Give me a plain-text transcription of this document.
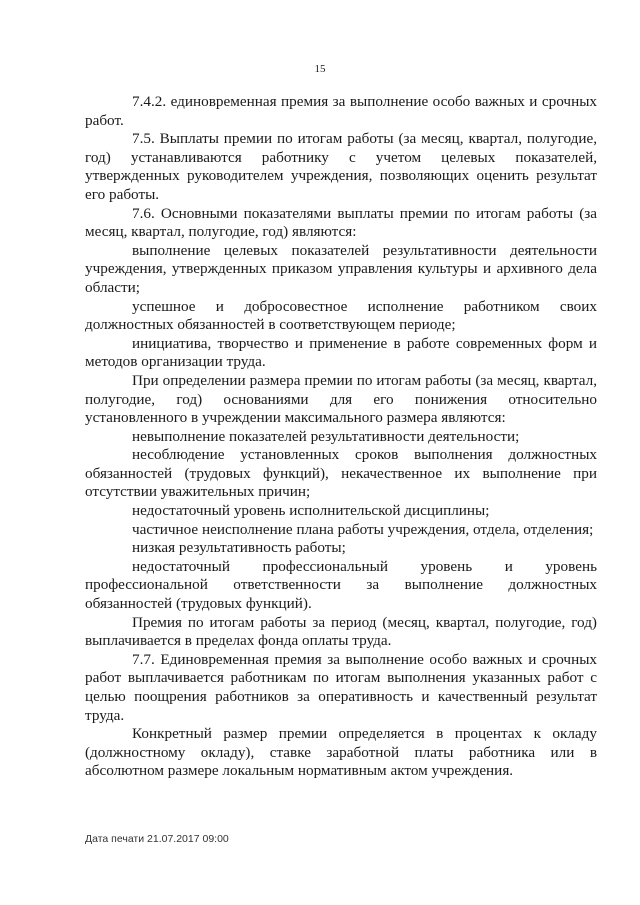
15

7.4.2. единовременная премия за выполнение особо важных и срочных работ.

7.5. Выплаты премии по итогам работы (за месяц, квартал, полугодие, год) устанавливаются работнику с учетом целевых показателей, утвержденных руководителем учреждения, позволяющих оценить результат его работы.

7.6. Основными показателями выплаты премии по итогам работы (за месяц, квартал, полугодие, год) являются:

выполнение целевых показателей результативности деятельности учреждения, утвержденных приказом управления культуры и архивного дела области;

успешное и добросовестное исполнение работником своих должностных обязанностей в соответствующем периоде;

инициатива, творчество и применение в работе современных форм и методов организации труда.

При определении размера премии по итогам работы (за месяц, квартал, полугодие, год) основаниями для его понижения относительно установленного в учреждении максимального размера являются:

невыполнение показателей результативности деятельности;

несоблюдение установленных сроков выполнения должностных обязанностей (трудовых функций), некачественное их выполнение при отсутствии уважительных причин;

недостаточный уровень исполнительской дисциплины;

частичное неисполнение плана работы учреждения, отдела, отделения;

низкая результативность работы;

недостаточный профессиональный уровень и уровень профессиональной ответственности за выполнение должностных обязанностей (трудовых функций).

Премия по итогам работы за период (месяц, квартал, полугодие, год) выплачивается в пределах фонда оплаты труда.

7.7. Единовременная премия за выполнение особо важных и срочных работ выплачивается работникам по итогам выполнения указанных работ с целью поощрения работников за оперативность и качественный результат труда.

Конкретный размер премии определяется в процентах к окладу (должностному окладу), ставке заработной платы работника или в абсолютном размере локальным нормативным актом учреждения.

Дата печати 21.07.2017 09:00
